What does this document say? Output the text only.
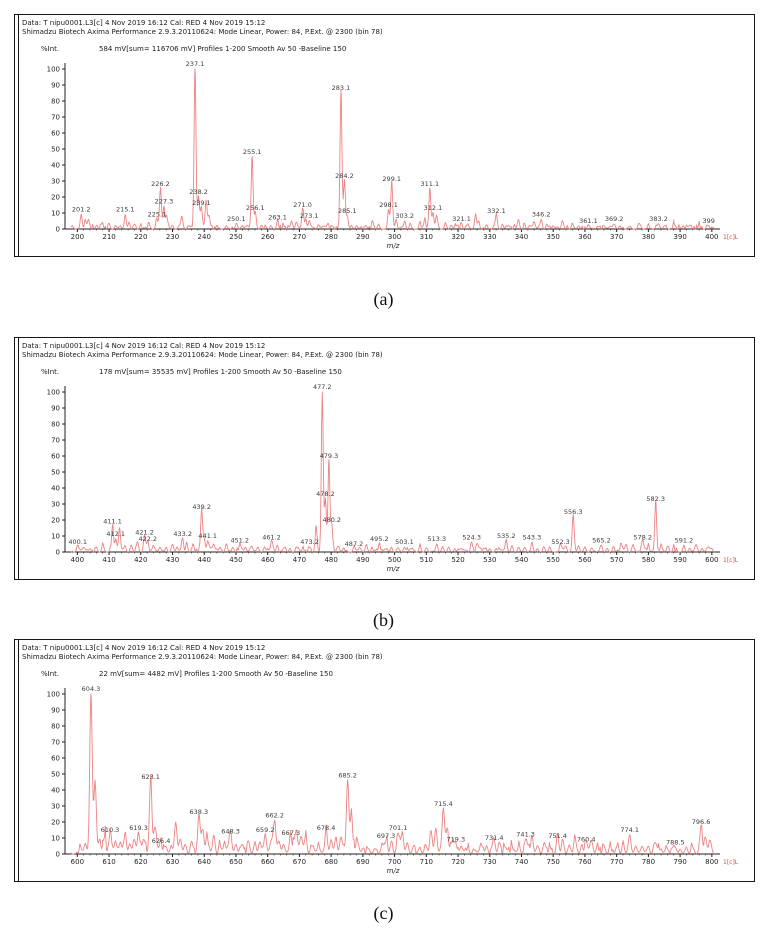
0
10
20
30
40
50
60
70
80
90
100
200	210	220	230	240	250	260	270	280	290	300	310	320	330	340	350	360	370	380	390	400
m/z
1[c]L
201.2	215.1
225.1
226.2
227.3
237.1
238.2
239.1
250.1
255.1
256.1
263.1
271.0
273.1
283.1
284.2
285.1
298.1
299.1
303.2
311.1
312.1
321.1
332.1	346.2
361.1 369.2	383.2	399
Data: T nipu0001.L3[c] 4 Nov 2019 16:12 Cal: RED 4 Nov 2019 15:12
Shimadzu Biotech Axima Performance 2.9.3.20110624: Mode Linear, Power: 84, P.Ext. @ 2300 (bin 78)
%Int.	584 mV[sum= 116706 mV] Profiles 1-200 Smooth Av 50 -Baseline 150
(a)
0
10
20
30
40
50
60
70
80
90
100
400	410	420	430	440	450	460	470	480	490	500	510	520	530	540	550	560	570	580	590	600
m/z
1[c]L
400.1
411.1
412.1 421.2
422.2
433.2
439.2
441.1
451.2 461.2
473.2
477.2
478.2
479.3
480.2
487.2
495.2 503.1 513.3	524.3 535.2 543.3
552.3
556.3
565.2	578.2
582.3
591.2
Data: T nipu0001.L3[c] 4 Nov 2019 16:12 Cal: RED 4 Nov 2019 15:12
Shimadzu Biotech Axima Performance 2.9.3.20110624: Mode Linear, Power: 84, P.Ext. @ 2300 (bin 78)
%Int.	178 mV[sum= 35535 mV] Profiles 1-200 Smooth Av 50 -Baseline 150
(b)
0
10
20
30
40
50
60
70
80
90
100
600	610	620	630	640	650	660	670	680	690	700	710	720	730	740	750	760	770	780	790	800
m/z
1[c]L
604.3
610.3 619.3
623.1
626.4
638.3
648.3 659.2
662.2
667.3
678.4
685.2
697.3
701.1
715.4
719.3	731.4 741.3 751.4 760.4
774.1
788.5
796.6
Data: T nipu0001.L3[c] 4 Nov 2019 16:12 Cal: RED 4 Nov 2019 15:12
Shimadzu Biotech Axima Performance 2.9.3.20110624: Mode Linear, Power: 84, P.Ext. @ 2300 (bin 78)
%Int.	22 mV[sum= 4482 mV] Profiles 1-200 Smooth Av 50 -Baseline 150
(c)
